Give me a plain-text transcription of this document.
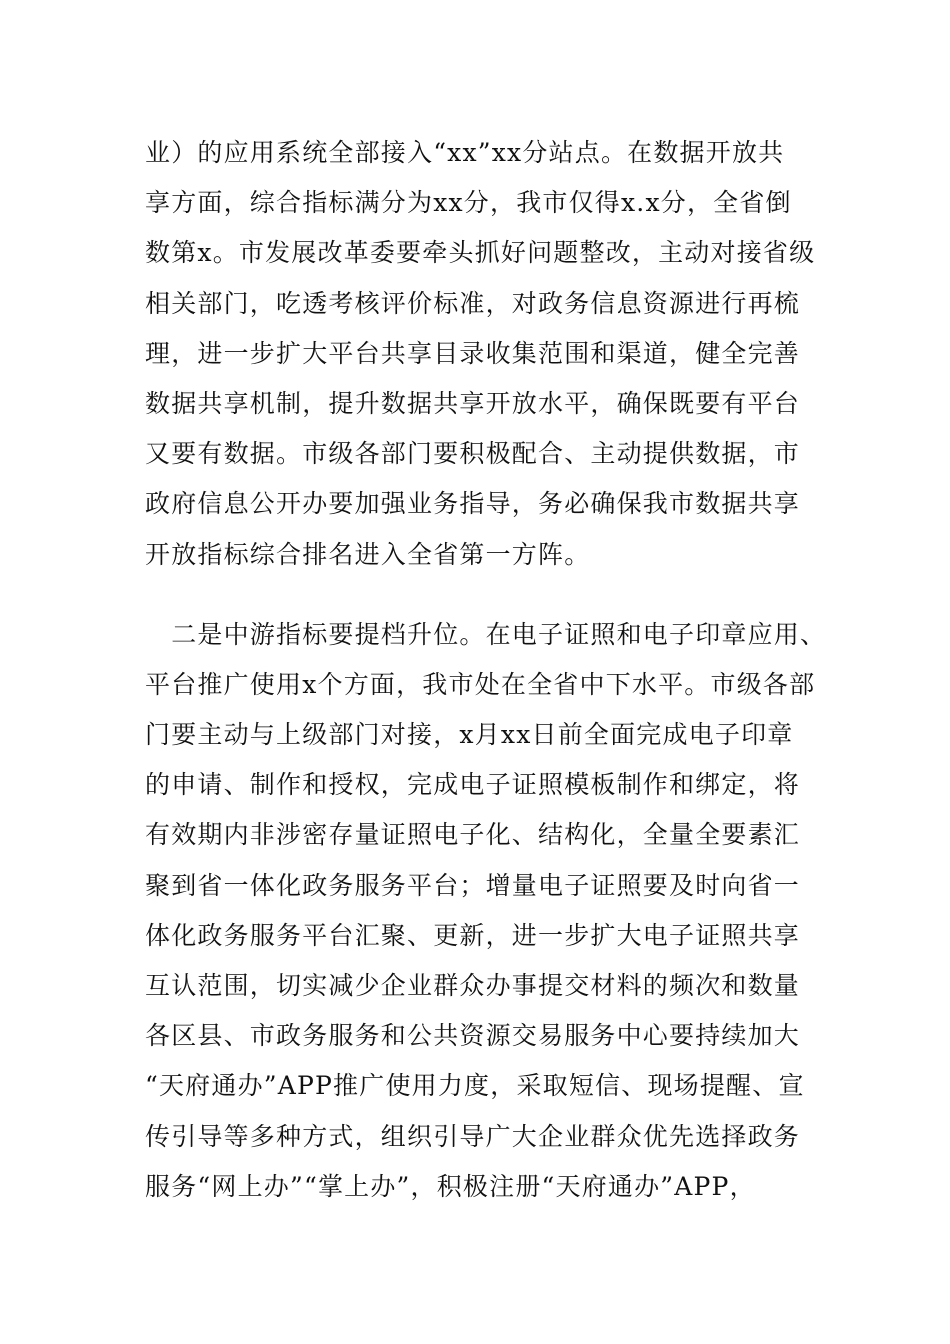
业）的应用系统全部接入“xx”xx分站点。在数据开放共
享方面，综合指标满分为xx分，我市仅得x.x分，全省倒
数第x。市发展改革委要牵头抓好问题整改，主动对接省级
相关部门，吃透考核评价标准，对政务信息资源进行再梳
理，进一步扩大平台共享目录收集范围和渠道，健全完善
数据共享机制，提升数据共享开放水平，确保既要有平台
又要有数据。市级各部门要积极配合、主动提供数据，市
政府信息公开办要加强业务指导，务必确保我市数据共享
开放指标综合排名进入全省第一方阵。
　二是中游指标要提档升位。在电子证照和电子印章应用、
平台推广使用x个方面，我市处在全省中下水平。市级各部
门要主动与上级部门对接，x月xx日前全面完成电子印章
的申请、制作和授权，完成电子证照模板制作和绑定，将
有效期内非涉密存量证照电子化、结构化，全量全要素汇
聚到省一体化政务服务平台；增量电子证照要及时向省一
体化政务服务平台汇聚、更新，进一步扩大电子证照共享
互认范围，切实减少企业群众办事提交材料的频次和数量
各区县、市政务服务和公共资源交易服务中心要持续加大
“天府通办”APP推广使用力度，采取短信、现场提醒、宣
传引导等多种方式，组织引导广大企业群众优先选择政务
服务“网上办”“掌上办”，积极注册“天府通办”APP，
